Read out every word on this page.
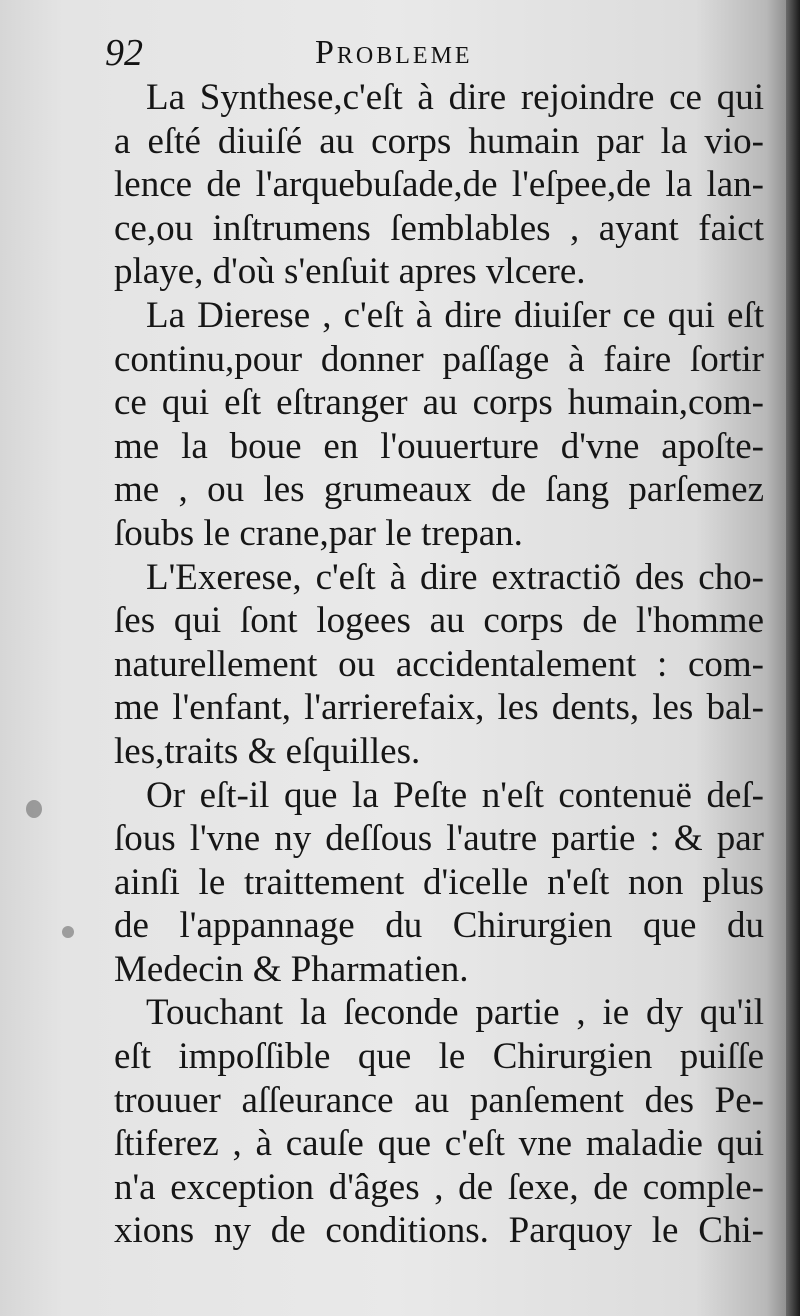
92	Probleme
La Synthese,c'eſt à dire rejoindre ce qui
a eſté diuiſé au corps humain par la vio-
lence de l'arquebuſade,de l'eſpee,de la lan-
ce,ou inſtrumens ſemblables , ayant faict
playe, d'où s'enſuit apres vlcere.
La Dierese , c'eſt à dire diuiſer ce qui eſt
continu,pour donner paſſage à faire ſortir
ce qui eſt eſtranger au corps humain,com-
me la boue en l'ouuerture d'vne apoſte-
me , ou les grumeaux de ſang parſemez
ſoubs le crane,par le trepan.
L'Exerese, c'eſt à dire extractiõ des cho-
ſes qui ſont logees au corps de l'homme
naturellement ou accidentalement : com-
me l'enfant, l'arrierefaix, les dents, les bal-
les,traits & eſquilles.
Or eſt-il que la Peſte n'eſt contenuë deſ-
ſous l'vne ny deſſous l'autre partie : & par
ainſi le traittement d'icelle n'eſt non plus
de l'appannage du Chirurgien que du
Medecin & Pharmatien.
Touchant la ſeconde partie , ie dy qu'il
eſt impoſſible que le Chirurgien puiſſe
trouuer aſſeurance au panſement des Pe-
ſtiferez , à cauſe que c'eſt vne maladie qui
n'a exception d'âges , de ſexe, de comple-
xions ny de conditions. Parquoy le Chi-
